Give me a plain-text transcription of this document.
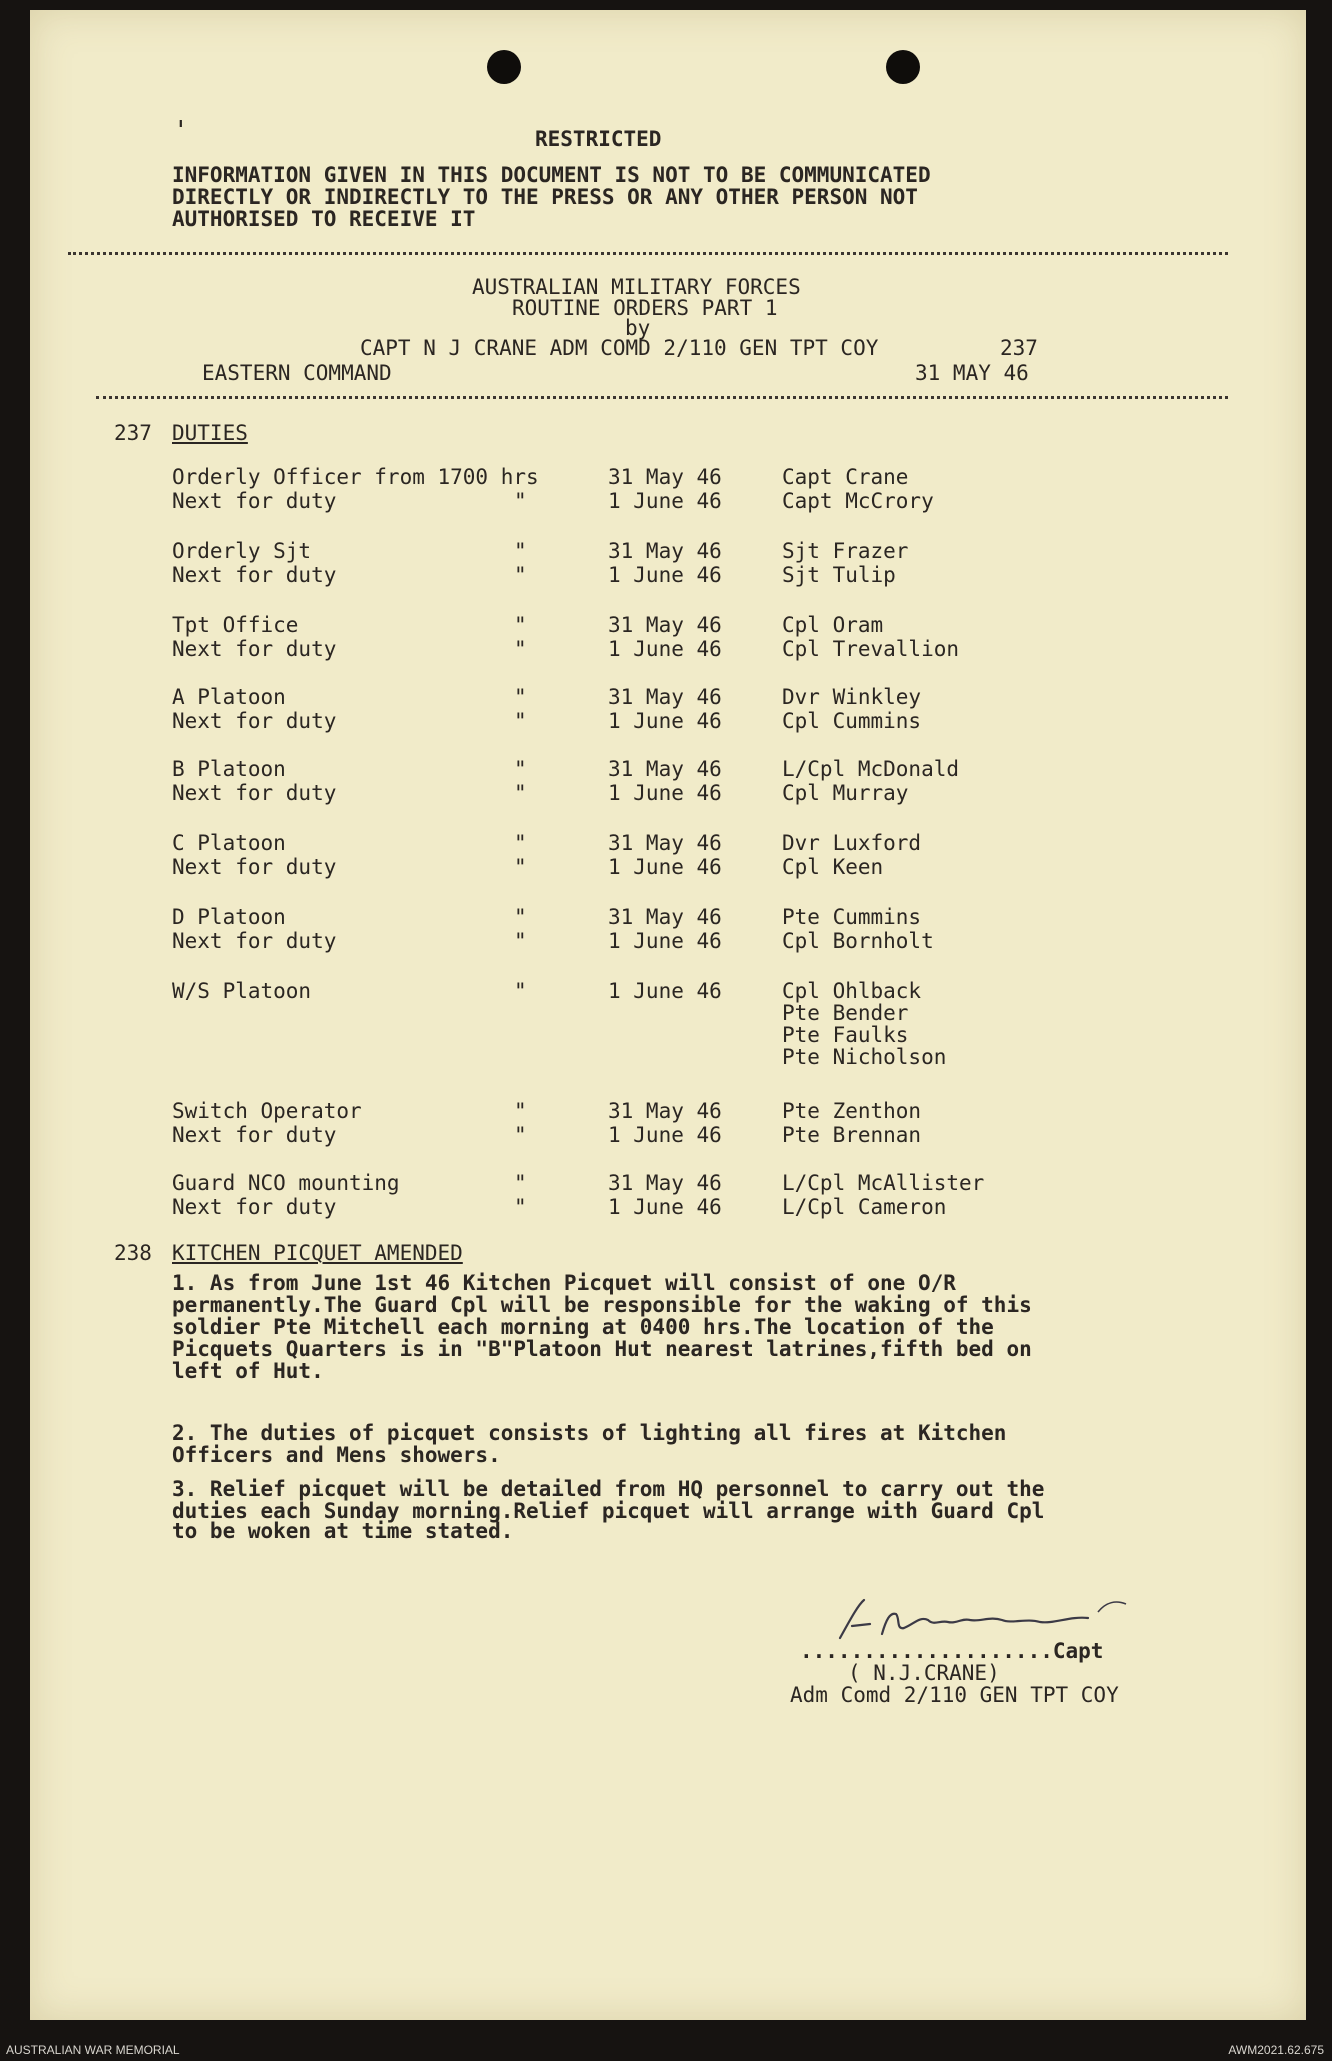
RESTRICTED
'
INFORMATION GIVEN IN THIS DOCUMENT IS NOT TO BE COMMUNICATED
DIRECTLY OR INDIRECTLY TO THE PRESS OR ANY OTHER PERSON NOT
AUTHORISED TO RECEIVE IT
AUSTRALIAN MILITARY FORCES
ROUTINE ORDERS PART 1
by
CAPT N J CRANE ADM COMD 2/110 GEN TPT COY	237
EASTERN COMMAND	31 MAY 46
237 DUTIES
Orderly Officer from 1700 hrs	31 May 46	Capt Crane
Next for duty	"	1 June 46	Capt McCrory
Orderly Sjt	"	31 May 46	Sjt Frazer
Next for duty	"	1 June 46	Sjt Tulip
Tpt Office	"	31 May 46	Cpl Oram
Next for duty	"	1 June 46	Cpl Trevallion
A Platoon	"	31 May 46	Dvr Winkley
Next for duty	"	1 June 46	Cpl Cummins
B Platoon	"	31 May 46	L/Cpl McDonald
Next for duty	"	1 June 46	Cpl Murray
C Platoon	"	31 May 46	Dvr Luxford
Next for duty	"	1 June 46	Cpl Keen
D Platoon	"	31 May 46	Pte Cummins
Next for duty	"	1 June 46	Cpl Bornholt
W/S Platoon	"	1 June 46	Cpl Ohlback
Pte Bender
Pte Faulks
Pte Nicholson
Switch Operator	"	31 May 46	Pte Zenthon
Next for duty	"	1 June 46	Pte Brennan
Guard NCO mounting	"	31 May 46	L/Cpl McAllister
Next for duty	"	1 June 46	L/Cpl Cameron
238 KITCHEN PICQUET AMENDED
1. As from June 1st 46 Kitchen Picquet will consist of one O/R
permanently.The Guard Cpl will be responsible for the waking of this
soldier Pte Mitchell each morning at 0400 hrs.The location of the
Picquets Quarters is in "B"Platoon Hut nearest latrines,fifth bed on
left of Hut.
2. The duties of picquet consists of lighting all fires at Kitchen
Officers and Mens showers.
3. Relief picquet will be detailed from HQ personnel to carry out the
duties each Sunday morning.Relief picquet will arrange with Guard Cpl
to be woken at time stated.
....................Capt
( N.J.CRANE)
Adm Comd 2/110 GEN TPT COY
AUSTRALIAN WAR MEMORIAL	AWM2021.62.675
